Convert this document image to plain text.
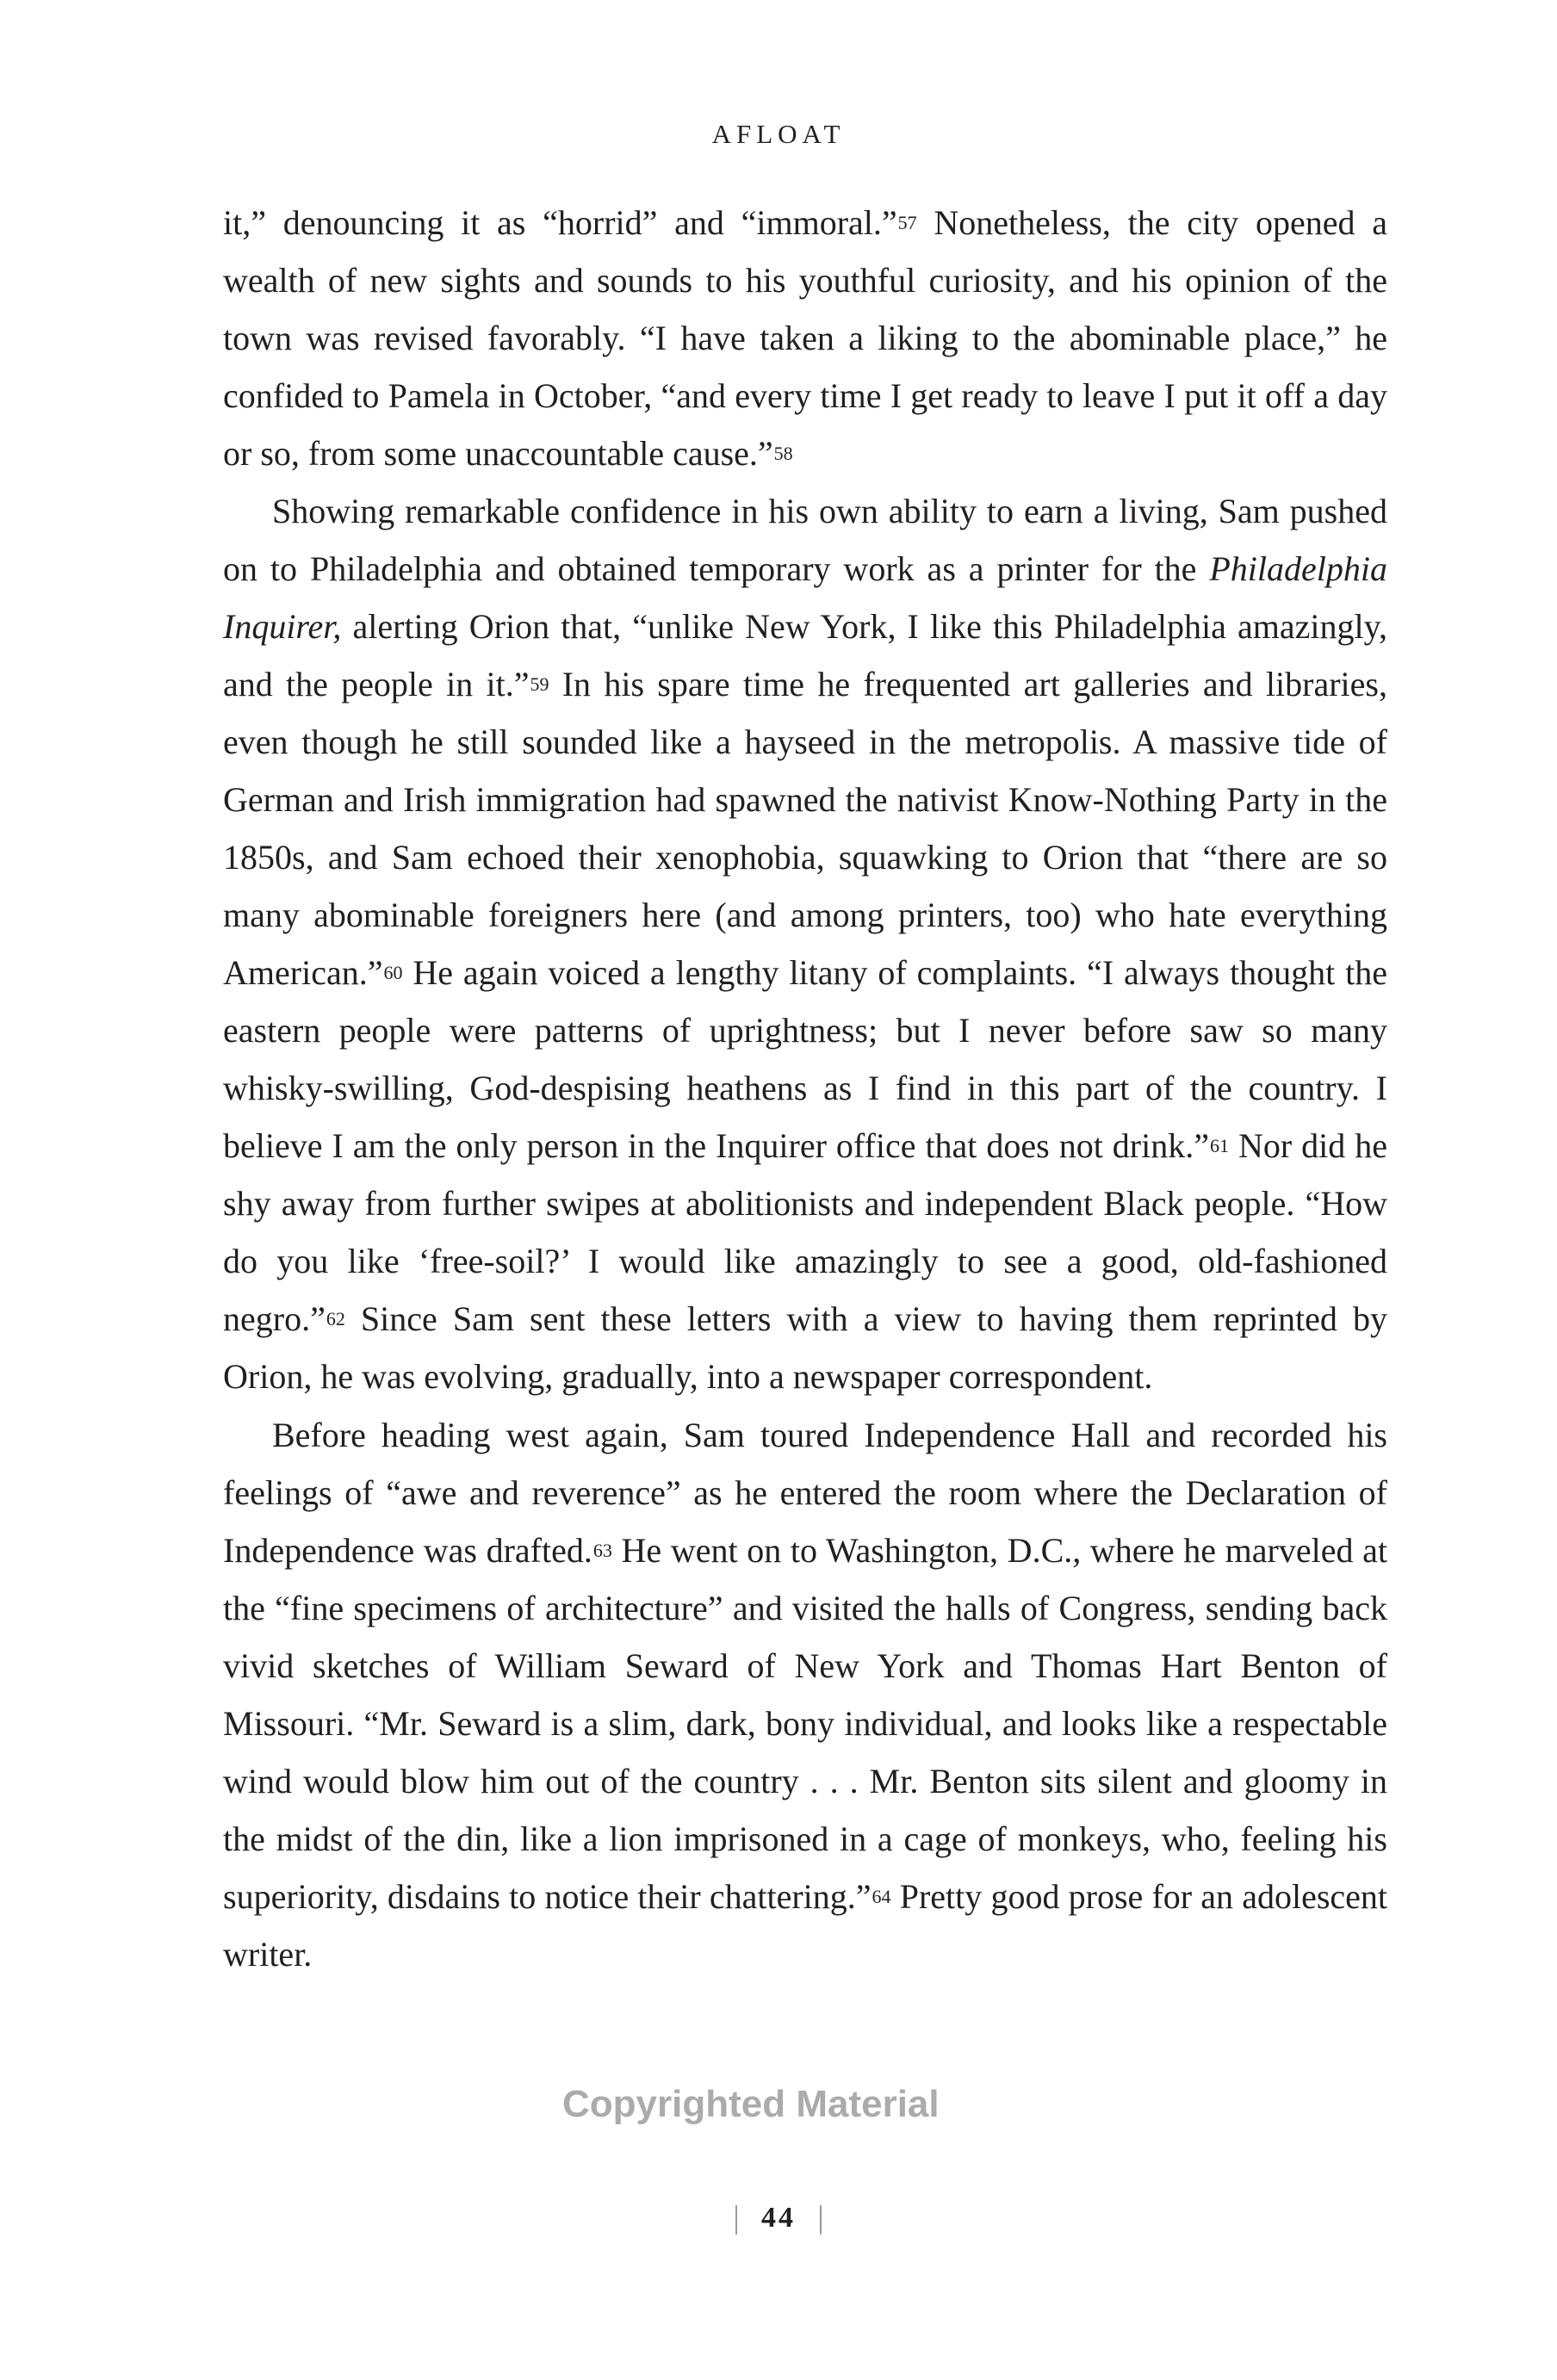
AFLOAT

it,” denouncing it as “horrid” and “immoral.”$^{57}$ Nonetheless, the city opened a wealth of new sights and sounds to his youthful curiosity, and his opinion of the town was revised favorably. “I have taken a liking to the abominable place,” he confided to Pamela in October, “and every time I get ready to leave I put it off a day or so, from some unaccountable cause.”$^{58}$

Showing remarkable confidence in his own ability to earn a living, Sam pushed on to Philadelphia and obtained temporary work as a printer for the Philadelphia Inquirer, alerting Orion that, “unlike New York, I like this Philadelphia amazingly, and the people in it.”$^{59}$ In his spare time he frequented art galleries and libraries, even though he still sounded like a hayseed in the metropolis. A massive tide of German and Irish immigration had spawned the nativist Know-Nothing Party in the 1850s, and Sam echoed their xenophobia, squawking to Orion that “there are so many abominable foreigners here (and among printers, too) who hate everything American.”$^{60}$ He again voiced a lengthy litany of complaints. “I always thought the eastern people were patterns of uprightness; but I never before saw so many whisky-swilling, God-despising heathens as I find in this part of the country. I believe I am the only person in the Inquirer office that does not drink.”$^{61}$ Nor did he shy away from further swipes at abolitionists and independent Black people. “How do you like ‘free-soil?’ I would like amazingly to see a good, old-fashioned negro.”$^{62}$ Since Sam sent these letters with a view to having them reprinted by Orion, he was evolving, gradually, into a newspaper correspondent.

Before heading west again, Sam toured Independence Hall and recorded his feelings of “awe and reverence” as he entered the room where the Declaration of Independence was drafted.$^{63}$ He went on to Washington, D.C., where he marveled at the “fine specimens of architecture” and visited the halls of Congress, sending back vivid sketches of William Seward of New York and Thomas Hart Benton of Missouri. “Mr. Seward is a slim, dark, bony individual, and looks like a respectable wind would blow him out of the country . . . Mr. Benton sits silent and gloomy in the midst of the din, like a lion imprisoned in a cage of monkeys, who, feeling his superiority, disdains to notice their chattering.”$^{64}$ Pretty good prose for an adolescent writer.

Copyrighted Material
44
